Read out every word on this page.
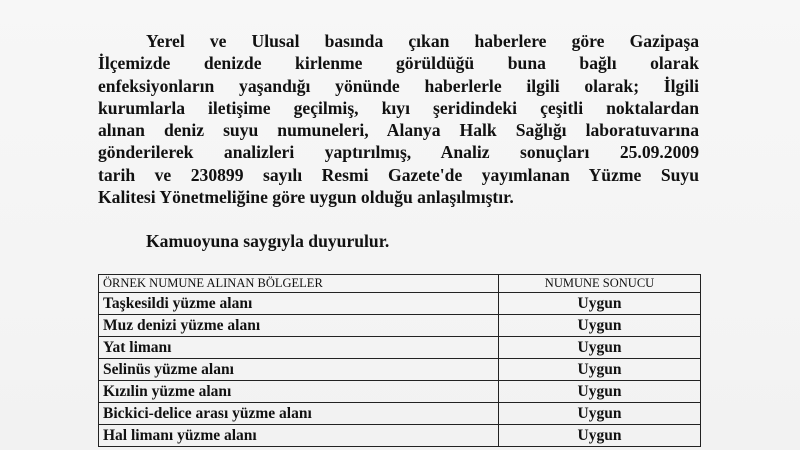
Yerel ve Ulusal basında çıkan haberlere göre Gazipaşa
İlçemizde denizde kirlenme görüldüğü buna bağlı olarak
enfeksiyonların yaşandığı yönünde haberlerle ilgili olarak; İlgili
kurumlarla iletişime geçilmiş, kıyı şeridindeki çeşitli noktalardan
alınan deniz suyu numuneleri, Alanya Halk Sağlığı laboratuvarına
gönderilerek analizleri yaptırılmış, Analiz sonuçları 25.09.2009
tarih ve 230899 sayılı Resmi Gazete'de yayımlanan Yüzme Suyu
Kalitesi Yönetmeliğine göre uygun olduğu anlaşılmıştır.

Kamuoyuna saygıyla duyurulur.

ÖRNEK NUMUNE ALINAN BÖLGELER	NUMUNE SONUCU
Taşkesildi yüzme alanı	Uygun
Muz denizi yüzme alanı	Uygun
Yat limanı	Uygun
Selinüs yüzme alanı	Uygun
Kızılin yüzme alanı	Uygun
Bickici-delice arası yüzme alanı	Uygun
Hal limanı yüzme alanı	Uygun
